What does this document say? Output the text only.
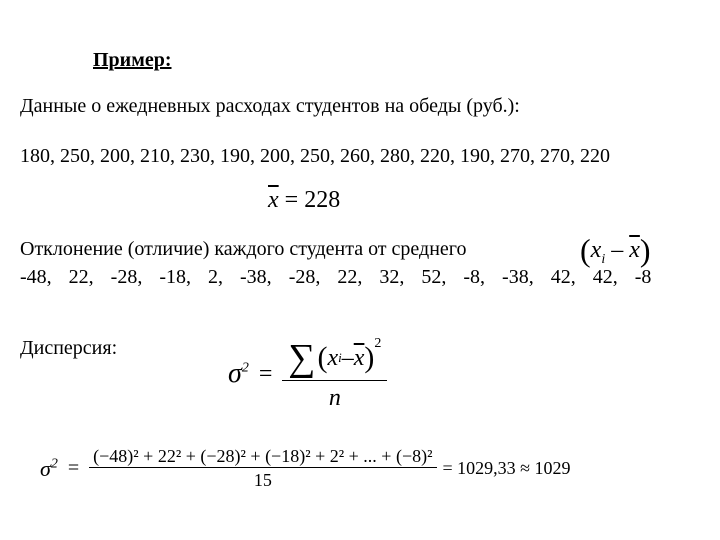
Пример:
Данные о ежедневных расходах студентов на обеды (руб.):
180, 250, 200, 210, 230, 190, 200, 250, 260, 280, 220, 190, 270, 270, 220
$\overline{x} = 228$
Отклонение (отличие) каждого студента от среднего	$(x_i - \overline{x})$
-48, 22, -28, -18, 2, -38, -28, 22, 32, 52, -8, -38, 42, 42, -8
Дисперсия:
$\sigma^2 = \frac{\sum ( x i - \overline{x} )^2}{n}$
$\sigma^2 = \frac{\text{(−48)² + 22² + (−28)² + (−18)² + 2² + ... + (−8)²}}{15} = 1029,33 \approx 1029$
